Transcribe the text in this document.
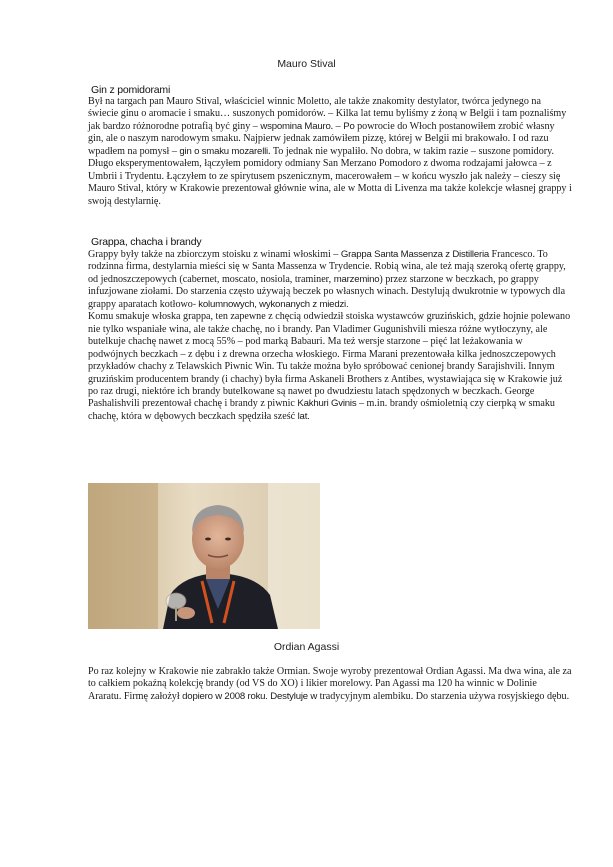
Mauro Stival
Gin z pomidorami

Był na targach pan Mauro Stival, właściciel winnic Moletto, ale także znakomity destylator, twórca jedynego na świecie ginu o aromacie i smaku… suszonych pomidorów. – Kilka lat temu byliśmy z żoną w Belgii i tam poznaliśmy jak bardzo różnorodne potrafią być giny – wspomina Mauro. – Po powrocie do Włoch postanowiłem zrobić własny gin, ale o naszym narodowym smaku. Najpierw jednak zamówiłem pizzę, której w Belgii mi brakowało. I od razu wpadłem na pomysł – gin o smaku mozarelli. To jednak nie wypaliło. No dobra, w takim razie – suszone pomidory. Długo eksperymentowałem, łączyłem pomidory odmiany San Merzano Pomodoro z dwoma rodzajami jałowca – z Umbrii i Trydentu. Łączyłem to ze spirytusem pszenicznym, macerowałem – w końcu wyszło jak należy – cieszy się Mauro Stival, który w Krakowie prezentował głównie wina, ale w Motta di Livenza ma także kolekcje własnej grappy i swoją destylarnię.

Grappa, chacha i brandy

Grappy były także na zbiorczym stoisku z winami włoskimi – Grappa Santa Massenza z Distilleria Francesco. To rodzinna firma, destylarnia mieści się w Santa Massenza w Trydencie. Robią wina, ale też mają szeroką ofertę grappy, od jednoszczepowych (cabernet, moscato, nosiola, traminer, marzemino) przez starzone w beczkach, po grappy infuzjowane ziołami. Do starzenia często używają beczek po własnych winach. Destylują dwukrotnie w typowych dla grappy aparatach kotłowo- kolumnowych, wykonanych z miedzi.

Komu smakuje włoska grappa, ten zapewne z chęcią odwiedził stoiska wystawców gruzińskich, gdzie hojnie polewano nie tylko wspaniałe wina, ale także chachę, no i brandy. Pan Vladimer Gugunishvili miesza różne wytłoczyny, ale butelkuje chachę nawet z mocą 55% – pod marką Babauri. Ma też wersje starzone – pięć lat leżakowania w podwójnych beczkach – z dębu i z drewna orzecha włoskiego. Firma Marani prezentowała kilka jednoszczepowych przykładów chachy z Telawskich Piwnic Win. Tu także można było spróbować cenionej brandy Sarajishvili. Innym gruzińskim producentem brandy (i chachy) była firma Askaneli Brothers z Antibes, wystawiająca się w Krakowie już po raz drugi, niektóre ich brandy butelkowane są nawet po dwudziestu latach spędzonych w beczkach. George Pashalishvili prezentował chachę i brandy z piwnic Kakhuri Gvinis – m.in. brandy ośmioletnią czy cierpką w smaku chachę, która w dębowych beczkach spędziła sześć lat.

Ordian Agassi

Po raz kolejny w Krakowie nie zabrakło także Ormian. Swoje wyroby prezentował Ordian Agassi. Ma dwa wina, ale za to całkiem pokaźną kolekcję brandy (od VS do XO) i likier morelowy. Pan Agassi ma 120 ha winnic w Dolinie Araratu. Firmę założył dopiero w 2008 roku. Destyluje w tradycyjnym alembiku. Do starzenia używa rosyjskiego dębu.
